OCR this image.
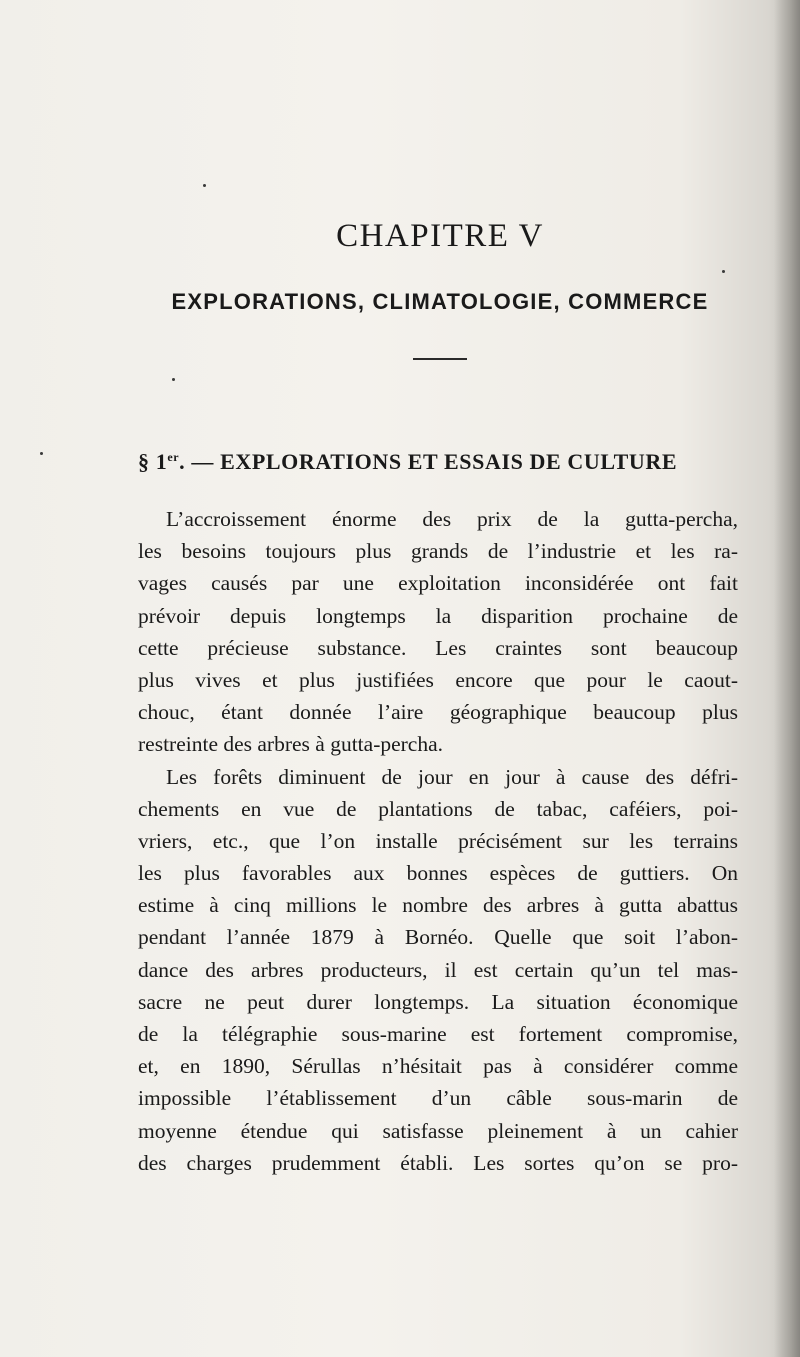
CHAPITRE V
EXPLORATIONS, CLIMATOLOGIE, COMMERCE
§ 1er. — EXPLORATIONS ET ESSAIS DE CULTURE
L’accroissement énorme des prix de la gutta-percha,
les besoins toujours plus grands de l’industrie et les ra-
vages causés par une exploitation inconsidérée ont fait
prévoir depuis longtemps la disparition prochaine de
cette précieuse substance. Les craintes sont beaucoup
plus vives et plus justifiées encore que pour le caout-
chouc, étant donnée l’aire géographique beaucoup plus
restreinte des arbres à gutta-percha.
Les forêts diminuent de jour en jour à cause des défri-
chements en vue de plantations de tabac, caféiers, poi-
vriers, etc., que l’on installe précisément sur les terrains
les plus favorables aux bonnes espèces de guttiers. On
estime à cinq millions le nombre des arbres à gutta abattus
pendant l’année 1879 à Bornéo. Quelle que soit l’abon-
dance des arbres producteurs, il est certain qu’un tel mas-
sacre ne peut durer longtemps. La situation économique
de la télégraphie sous-marine est fortement compromise,
et, en 1890, Sérullas n’hésitait pas à considérer comme
impossible l’établissement d’un câble sous-marin de
moyenne étendue qui satisfasse pleinement à un cahier
des charges prudemment établi. Les sortes qu’on se pro-
